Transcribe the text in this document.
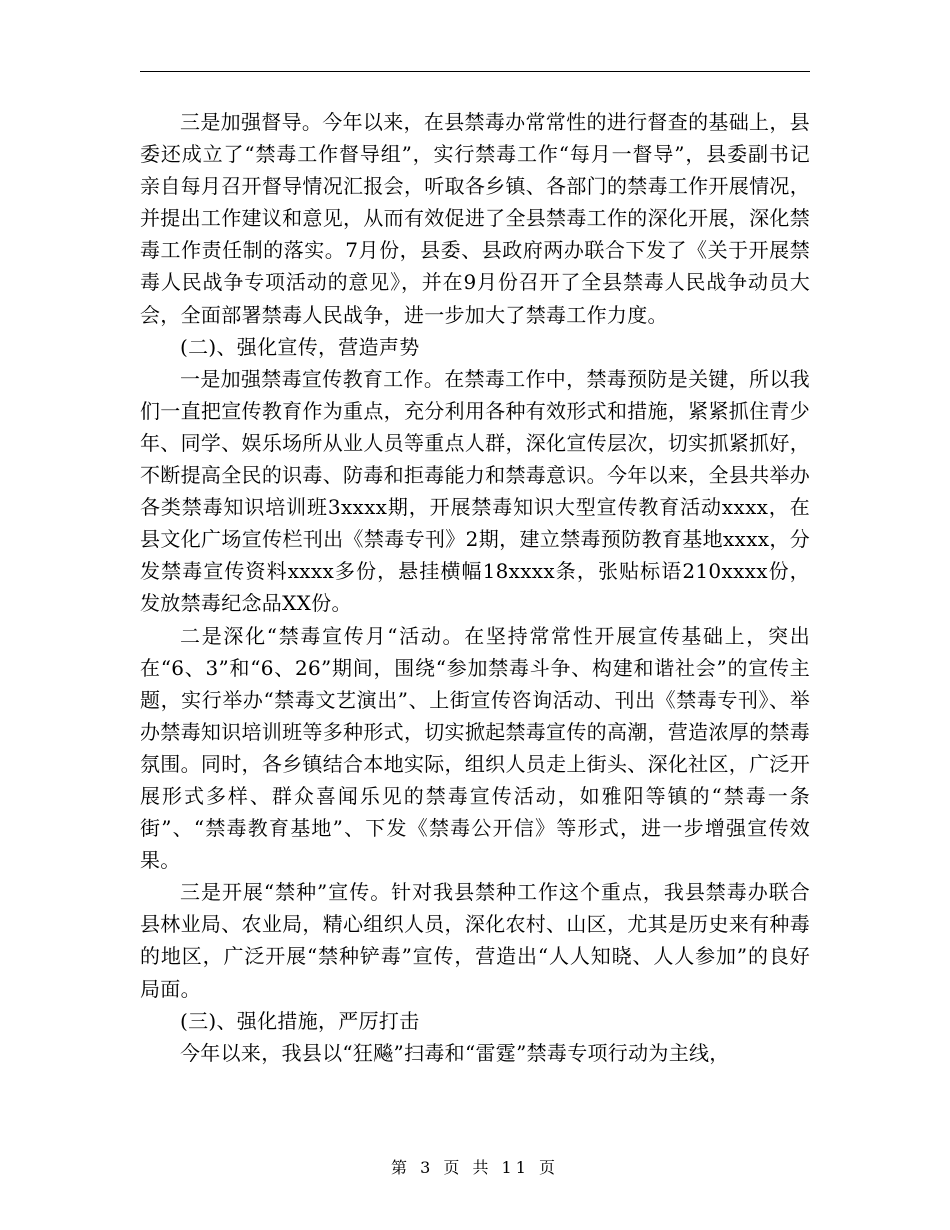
三是加强督导。今年以来，在县禁毒办常常性的进行督查的基础上，县委还成立了“禁毒工作督导组”，实行禁毒工作“每月一督导”，县委副书记亲自每月召开督导情况汇报会，听取各乡镇、各部门的禁毒工作开展情况，并提出工作建议和意见，从而有效促进了全县禁毒工作的深化开展，深化禁毒工作责任制的落实。7月份，县委、县政府两办联合下发了《关于开展禁毒人民战争专项活动的意见》，并在9月份召开了全县禁毒人民战争动员大会，全面部署禁毒人民战争，进一步加大了禁毒工作力度。

(二)、强化宣传，营造声势

一是加强禁毒宣传教育工作。在禁毒工作中，禁毒预防是关键，所以我们一直把宣传教育作为重点，充分利用各种有效形式和措施，紧紧抓住青少年、同学、娱乐场所从业人员等重点人群，深化宣传层次，切实抓紧抓好，不断提高全民的识毒、防毒和拒毒能力和禁毒意识。今年以来，全县共举办各类禁毒知识培训班3xxxx期，开展禁毒知识大型宣传教育活动xxxx，在县文化广场宣传栏刊出《禁毒专刊》2期，建立禁毒预防教育基地xxxx，分发禁毒宣传资料xxxx多份，悬挂横幅18xxxx条，张贴标语210xxxx份，发放禁毒纪念品XX份。

二是深化“禁毒宣传月“活动。在坚持常常性开展宣传基础上，突出在“6、3”和“6、26”期间，围绕“参加禁毒斗争、构建和谐社会”的宣传主题，实行举办“禁毒文艺演出”、上街宣传咨询活动、刊出《禁毒专刊》、举办禁毒知识培训班等多种形式，切实掀起禁毒宣传的高潮，营造浓厚的禁毒氛围。同时，各乡镇结合本地实际，组织人员走上街头、深化社区，广泛开展形式多样、群众喜闻乐见的禁毒宣传活动，如雅阳等镇的“禁毒一条街”、“禁毒教育基地”、下发《禁毒公开信》等形式，进一步增强宣传效果。

三是开展“禁种”宣传。针对我县禁种工作这个重点，我县禁毒办联合县林业局、农业局，精心组织人员，深化农村、山区，尤其是历史来有种毒的地区，广泛开展“禁种铲毒”宣传，营造出“人人知晓、人人参加”的良好局面。

(三)、强化措施，严厉打击

今年以来，我县以“狂飚”扫毒和“雷霆”禁毒专项行动为主线，

第 3 页 共 11 页
